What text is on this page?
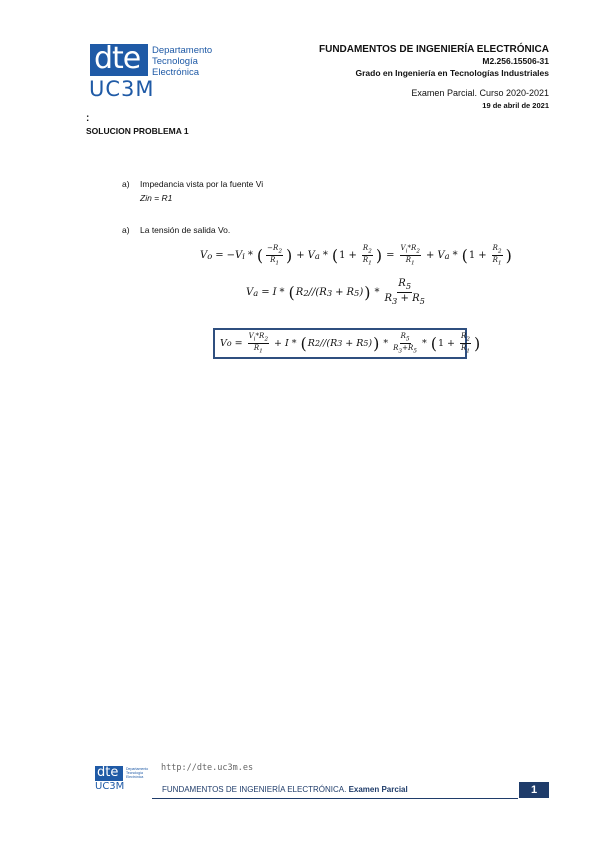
dte Departamento
Tecnología
Electrónica
UC3M
FUNDAMENTOS DE INGENIERÍA ELECTRÓNICA
M2.256.15506-31
Grado en Ingeniería en Tecnologías Industriales
Examen Parcial. Curso 2020-2021
19 de abril de 2021
:
SOLUCION PROBLEMA 1
a) Impedancia vista por la fuente Vi
Zin = R1
a) La tensión de salida Vo.
V o = −V i * ( $\frac{-R_2}{R_1}$ ) + V a * ( $1 + \frac{R_2}{R_1}$ ) = $\frac{V_i*R_2}{R_1} + V$ a * ( $1 + \frac{R_2}{R_1}$ )
V a = I * ( R 2 //(R 3 + R 5 ) ) * $\frac{R_5}{R_3 + R_5}$
V $o = \frac{V_i*R_2}{R_1} + I$ * ( R 2 //(R 3 + R 5 ) ) * $\frac{R_5}{R_3+R_5}$ * ( $1 + \frac{R_2}{R_1}$ )
dte Departamento
Tecnología
Electrónica
UC3M
http://dte.uc3m.es
FUNDAMENTOS DE INGENIERÍA ELECTRÓNICA. Examen Parcial	1
